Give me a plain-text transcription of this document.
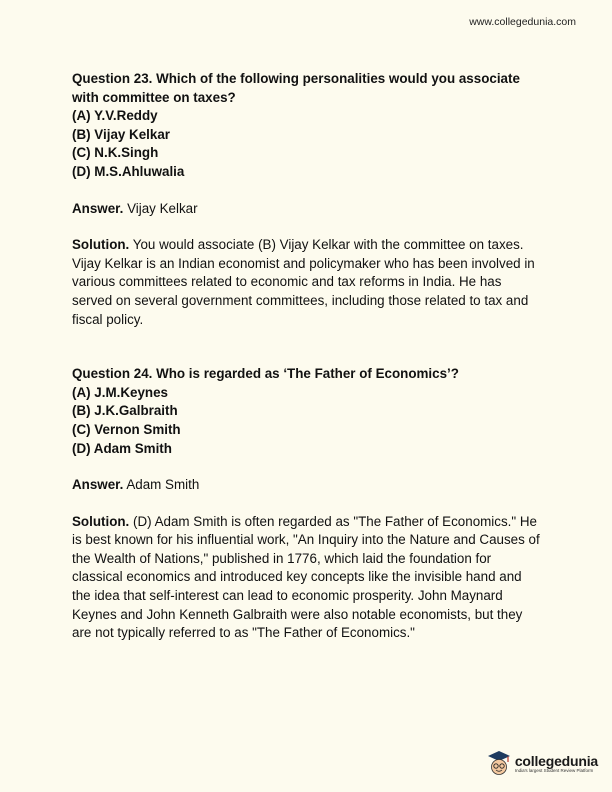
www.collegedunia.com

Question 23. Which of the following personalities would you associate with committee on taxes?

(A) Y.V.Reddy

(B) Vijay Kelkar

(C) N.K.Singh

(D) M.S.Ahluwalia

Answer. Vijay Kelkar

Solution. You would associate (B) Vijay Kelkar with the committee on taxes. Vijay Kelkar is an Indian economist and policymaker who has been involved in various committees related to economic and tax reforms in India. He has served on several government committees, including those related to tax and fiscal policy.

Question 24. Who is regarded as ‘The Father of Economics’?

(A) J.M.Keynes

(B) J.K.Galbraith

(C) Vernon Smith

(D) Adam Smith

Answer. Adam Smith

Solution. (D) Adam Smith is often regarded as "The Father of Economics." He is best known for his influential work, "An Inquiry into the Nature and Causes of the Wealth of Nations," published in 1776, which laid the foundation for classical economics and introduced key concepts like the invisible hand and the idea that self-interest can lead to economic prosperity. John Maynard Keynes and John Kenneth Galbraith were also notable economists, but they are not typically referred to as "The Father of Economics."

collegedunia
India's largest Student Review Platform
